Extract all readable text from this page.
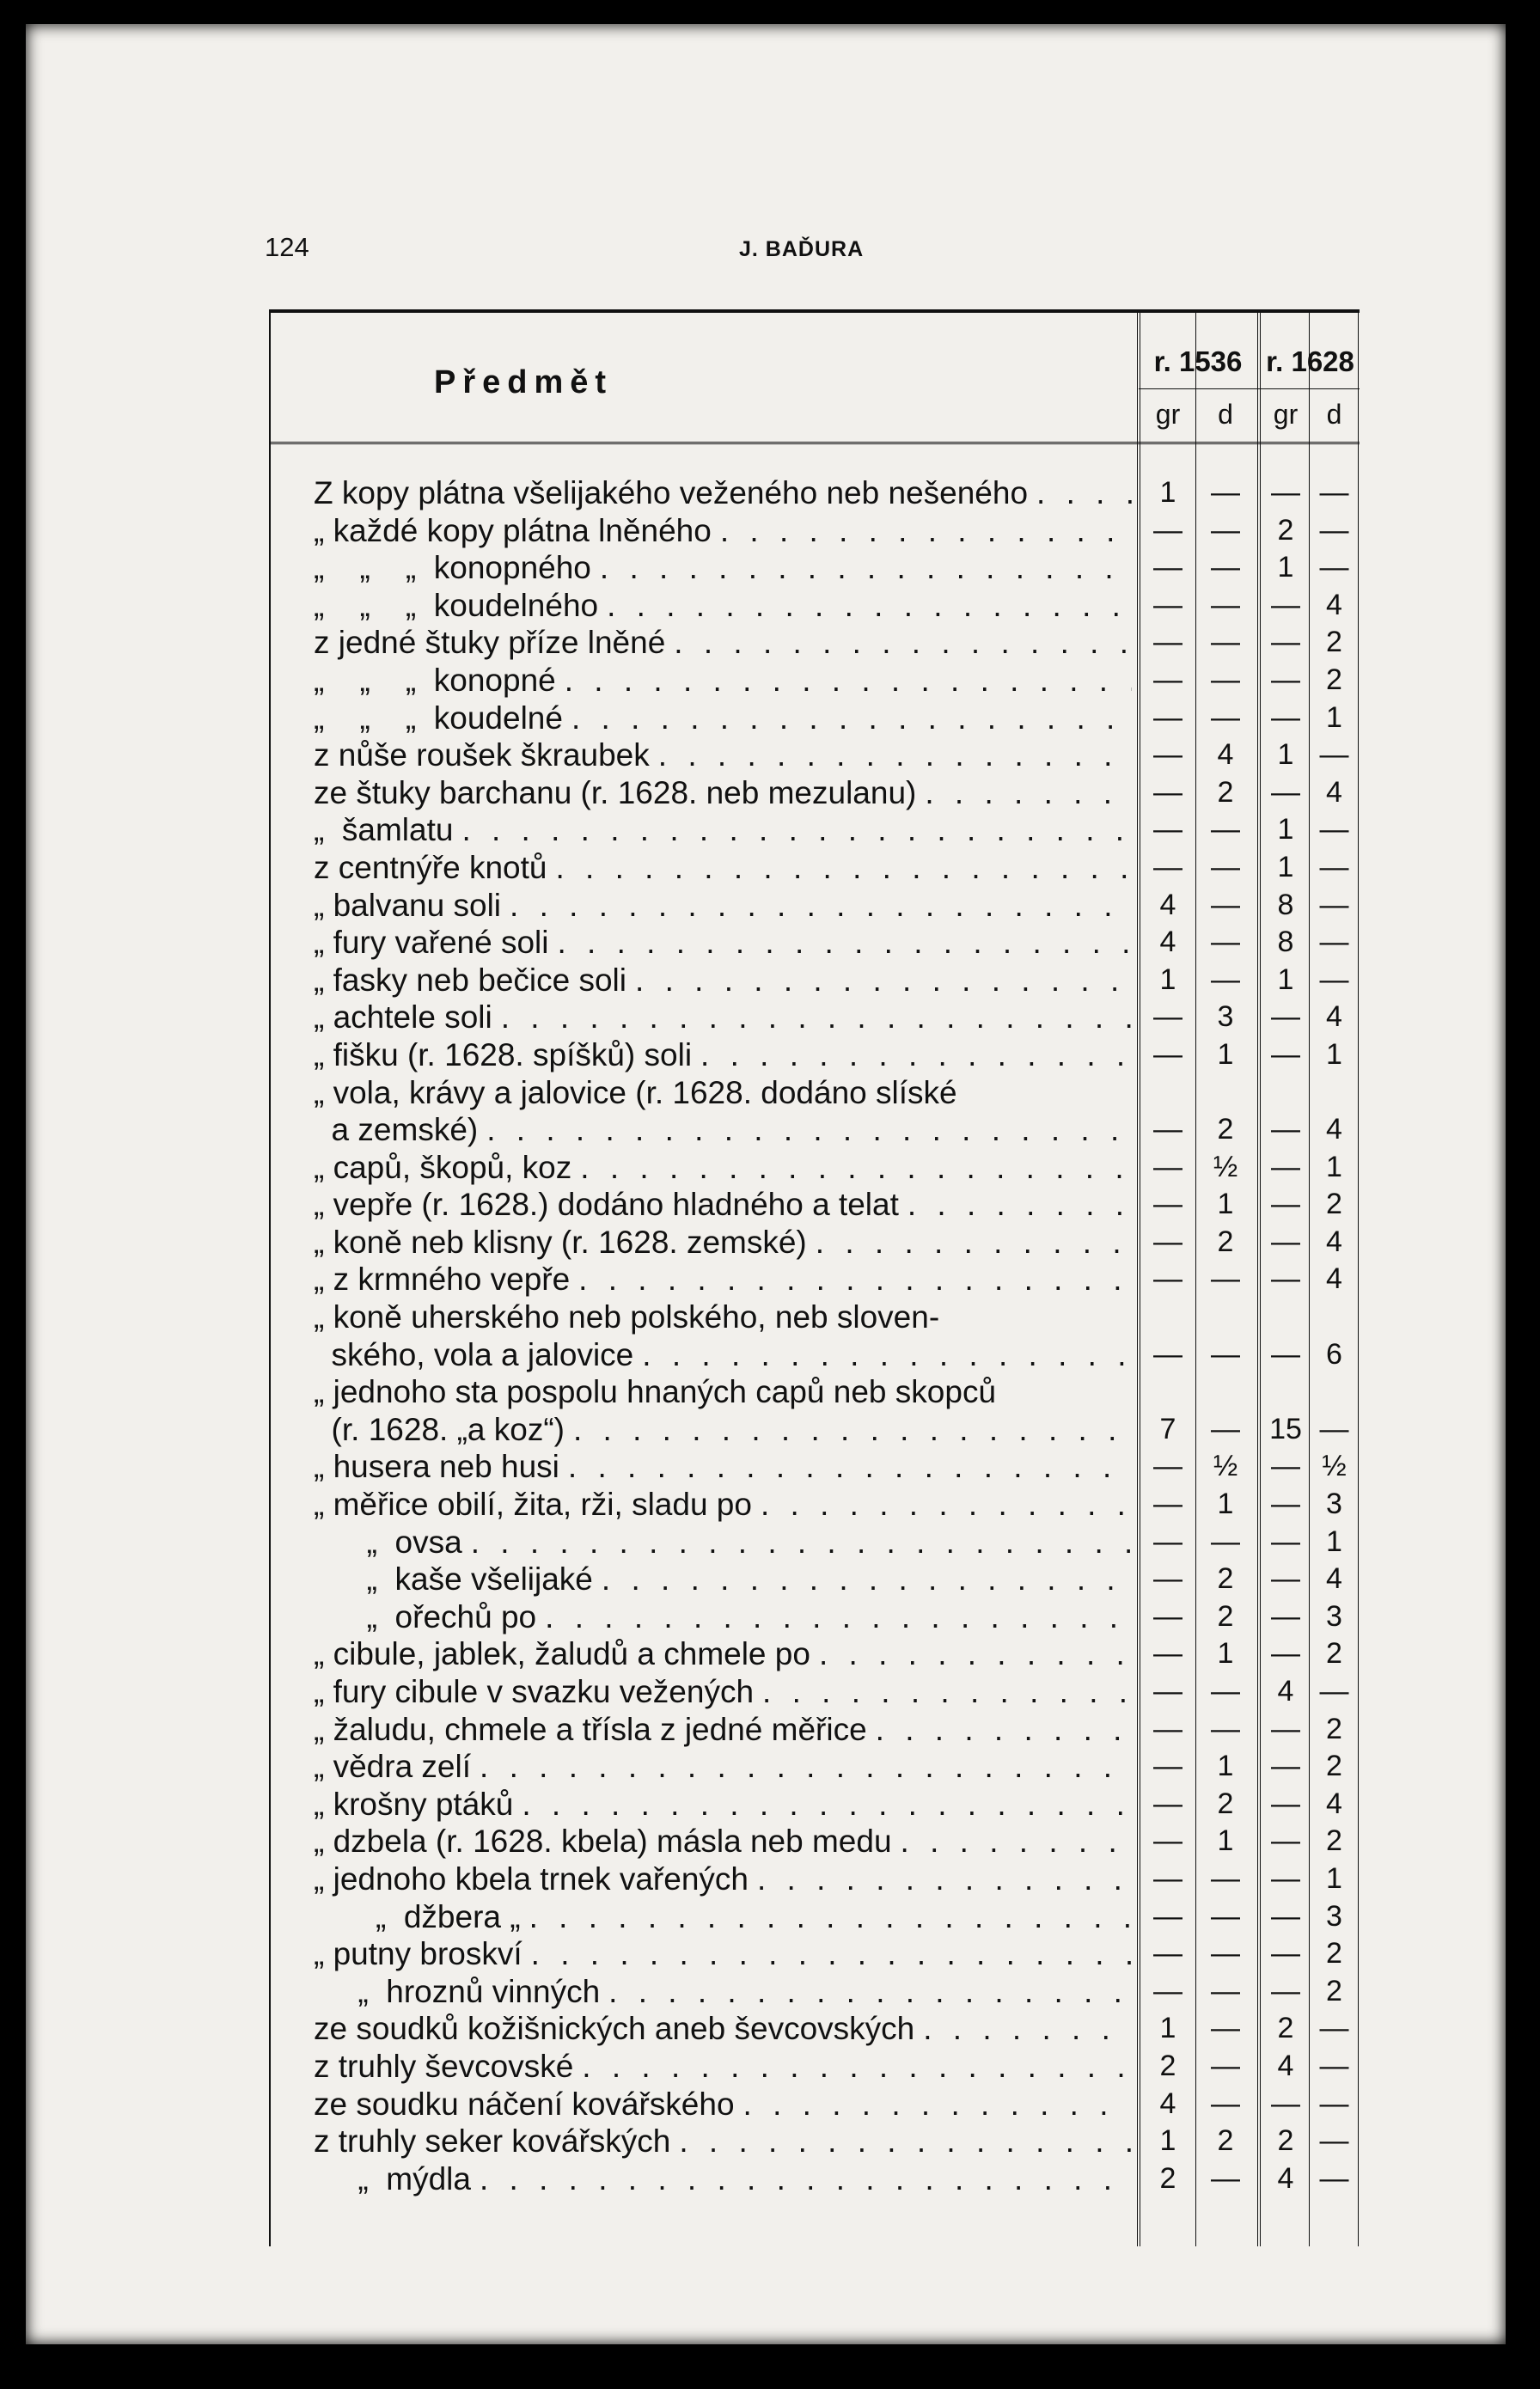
124	J. BAĎURA
Předmět
r. 1536 r. 1628
gr	d	gr	d
Z kopy plátna všelijakého veženého neb nešeného . . .	1	—	— —
„ každé kopy plátna lněného . . .	— —	2 —
„    „    „  konopného . . .	— —	1 —
„    „    „  koudelného . . .	— —	— 4
z jedné štuky příze lněné . . .	— —	— 2
„    „    „  konopné . . .	— —	— 2
„    „    „  koudelné . . .	— —	— 1
z nůše roušek škraubek . . .	—	4	1 —
ze štuky barchanu (r. 1628. neb mezulanu) . . .	—	2	— 4
„  šamlatu . . .	— —	1 —
z centnýře knotů . . .	— —	1 —
„ balvanu soli . . .	4	—	8 —
„ fury vařené soli . . .	4	—	8 —
„ fasky neb bečice soli . . .	1	—	1 —
„ achtele soli . . .	—	3	— 4
„ fišku (r. 1628. spíšků) soli . . .	—	1	— 1
„ vola, krávy a jalovice (r. 1628. dodáno slíské
a zemské) . . .	—	2	— 4
„ capů, škopů, koz . . .	—	½	— 1
„ vepře (r. 1628.) dodáno hladného a telat . . .	—	1	— 2
„ koně neb klisny (r. 1628. zemské) . . .	—	2	— 4
„ z krmného vepře . . .	— —	— 4
„ koně uherského neb polského, neb sloven-
ského, vola a jalovice . . .	— —	— 6
„ jednoho sta pospolu hnaných capů neb skopců
(r. 1628. „a koz“) . . .	7	—	15 —
„ husera neb husi . . .	—	½	— ½
„ měřice obilí, žita, rži, sladu po . . .	—	1	— 3
„  ovsa . . .	— —	— 1
„  kaše všelijaké . . .	—	2	— 4
„  ořechů po . . .	—	2	— 3
„ cibule, jablek, žaludů a chmele po . . .	—	1	— 2
„ fury cibule v svazku vežených . . .	— —	4 —
„ žaludu, chmele a třísla z jedné měřice . . .	— —	— 2
„ vědra zelí . . .	—	1	— 2
„ krošny ptáků . . .	—	2	— 4
„ dzbela (r. 1628. kbela) másla neb medu . . .	—	1	— 2
„ jednoho kbela trnek vařených . . .	— —	— 1
„  džbera „ . . .	— —	— 3
„ putny broskví . . .	— —	— 2
„  hroznů vinných . . .	— —	— 2
ze soudků kožišnických aneb ševcovských . . .	1	—	2 —
z truhly ševcovské . . .	2	—	4 —
ze soudku náčení kovářského . . .	4	—	— —
z truhly seker kovářských . . .	1	2	2 —
„  mýdla . . .	2	—	4 —
